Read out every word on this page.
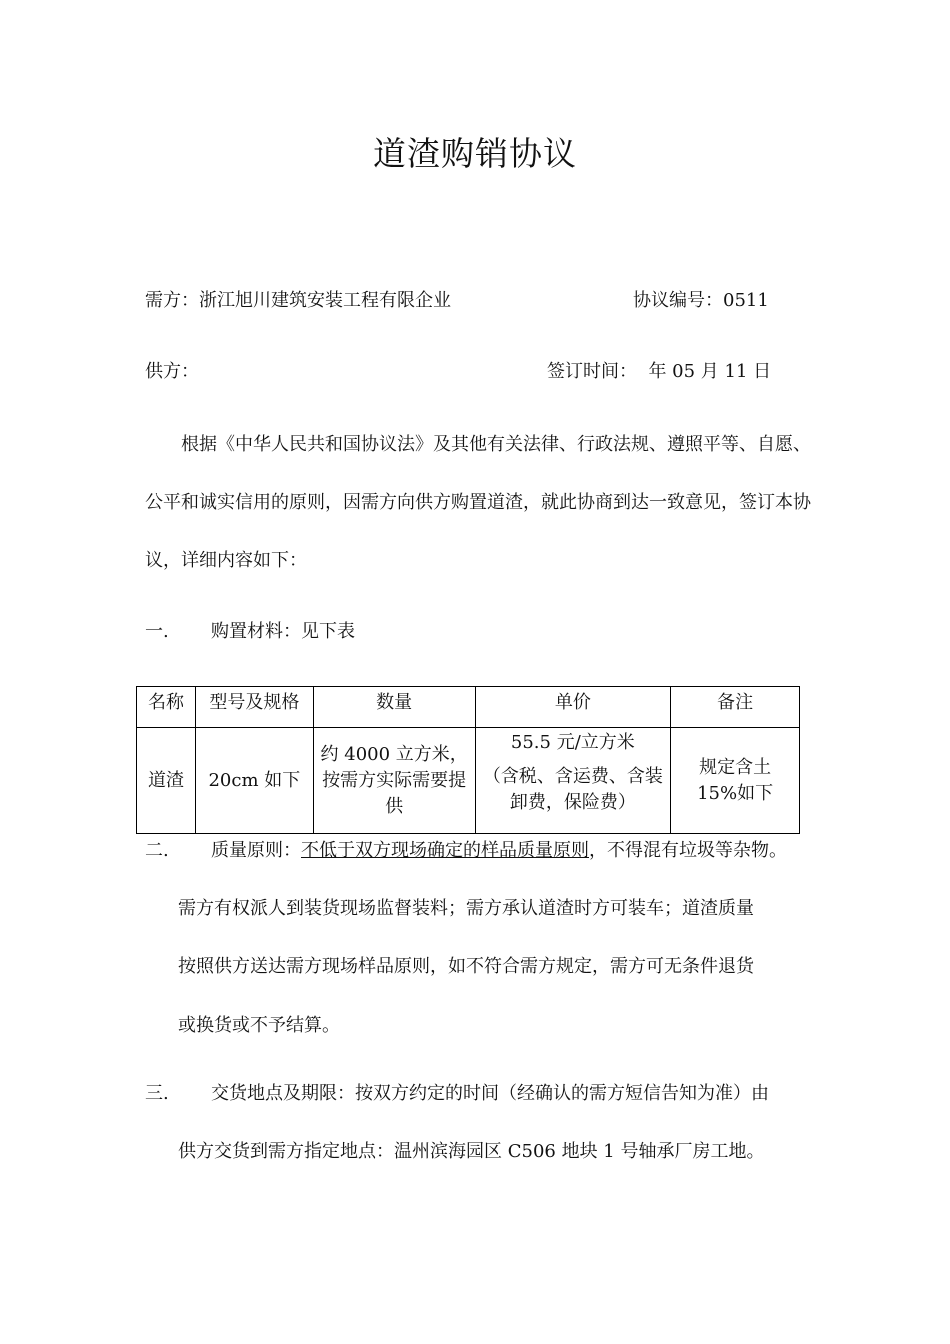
道渣购销协议
需方：浙江旭川建筑安装工程有限企业	协议编号：0511
供方：	签订时间：  年 05 月 11 日

根据《中华人民共和国协议法》及其他有关法律、行政法规、遵照平等、自愿、公平和诚实信用的原则，因需方向供方购置道渣，就此协商到达一致意见，签订本协议，详细内容如下：

一. 购置材料：见下表
名称	型号及规格	数量	单价	备注
道渣	20cm 如下	约 4000 立方米，按需方实际需要提供	55.5 元/立方米
（含税、含运费、含装卸费，保险费）	规定含土 15%如下
二. 质量原则：不低于双方现场确定的样品质量原则，不得混有垃圾等杂物。
需方有权派人到装货现场监督装料；需方承认道渣时方可装车；道渣质量
按照供方送达需方现场样品原则，如不符合需方规定，需方可无条件退货
或换货或不予结算。
三. 交货地点及期限：按双方约定的时间（经确认的需方短信告知为准）由
供方交货到需方指定地点：温州滨海园区 C506 地块 1 号轴承厂房工地。
